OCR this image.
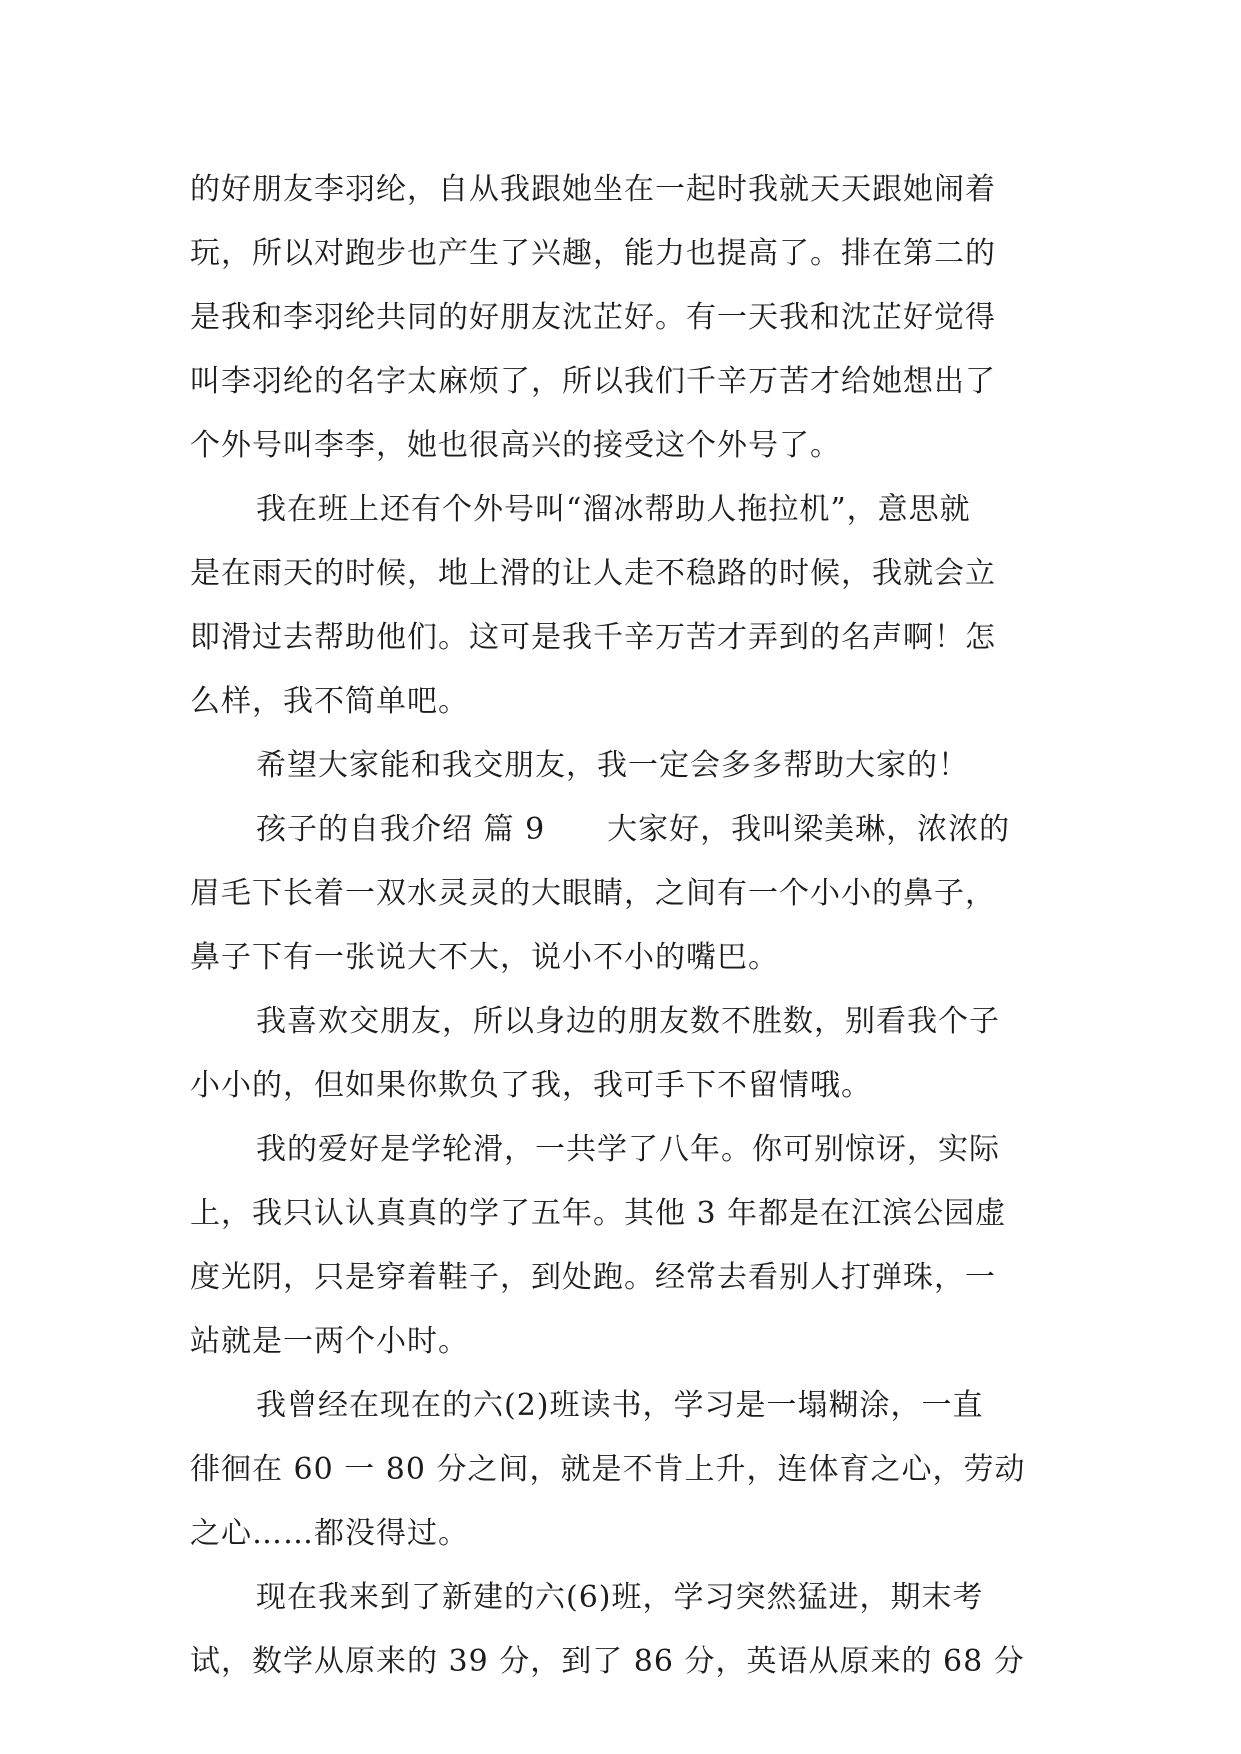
的好朋友李羽纶，自从我跟她坐在一起时我就天天跟她闹着
玩，所以对跑步也产生了兴趣，能力也提高了。排在第二的
是我和李羽纶共同的好朋友沈芷好。有一天我和沈芷好觉得
叫李羽纶的名字太麻烦了，所以我们千辛万苦才给她想出了
个外号叫李李，她也很高兴的接受这个外号了。
我在班上还有个外号叫“溜冰帮助人拖拉机”，意思就
是在雨天的时候，地上滑的让人走不稳路的时候，我就会立
即滑过去帮助他们。这可是我千辛万苦才弄到的名声啊！怎
么样，我不简单吧。
希望大家能和我交朋友，我一定会多多帮助大家的！
孩子的自我介绍 篇 9　　大家好，我叫梁美琳，浓浓的
眉毛下长着一双水灵灵的大眼睛，之间有一个小小的鼻子，
鼻子下有一张说大不大，说小不小的嘴巴。
我喜欢交朋友，所以身边的朋友数不胜数，别看我个子
小小的，但如果你欺负了我，我可手下不留情哦。
我的爱好是学轮滑，一共学了八年。你可别惊讶，实际
上，我只认认真真的学了五年。其他 3 年都是在江滨公园虚
度光阴，只是穿着鞋子，到处跑。经常去看别人打弹珠，一
站就是一两个小时。
我曾经在现在的六(2)班读书，学习是一塌糊涂，一直
徘徊在 60 一 80 分之间，就是不肯上升，连体育之心，劳动
之心……都没得过。
现在我来到了新建的六(6)班，学习突然猛进，期末考
试，数学从原来的 39 分，到了 86 分，英语从原来的 68 分
